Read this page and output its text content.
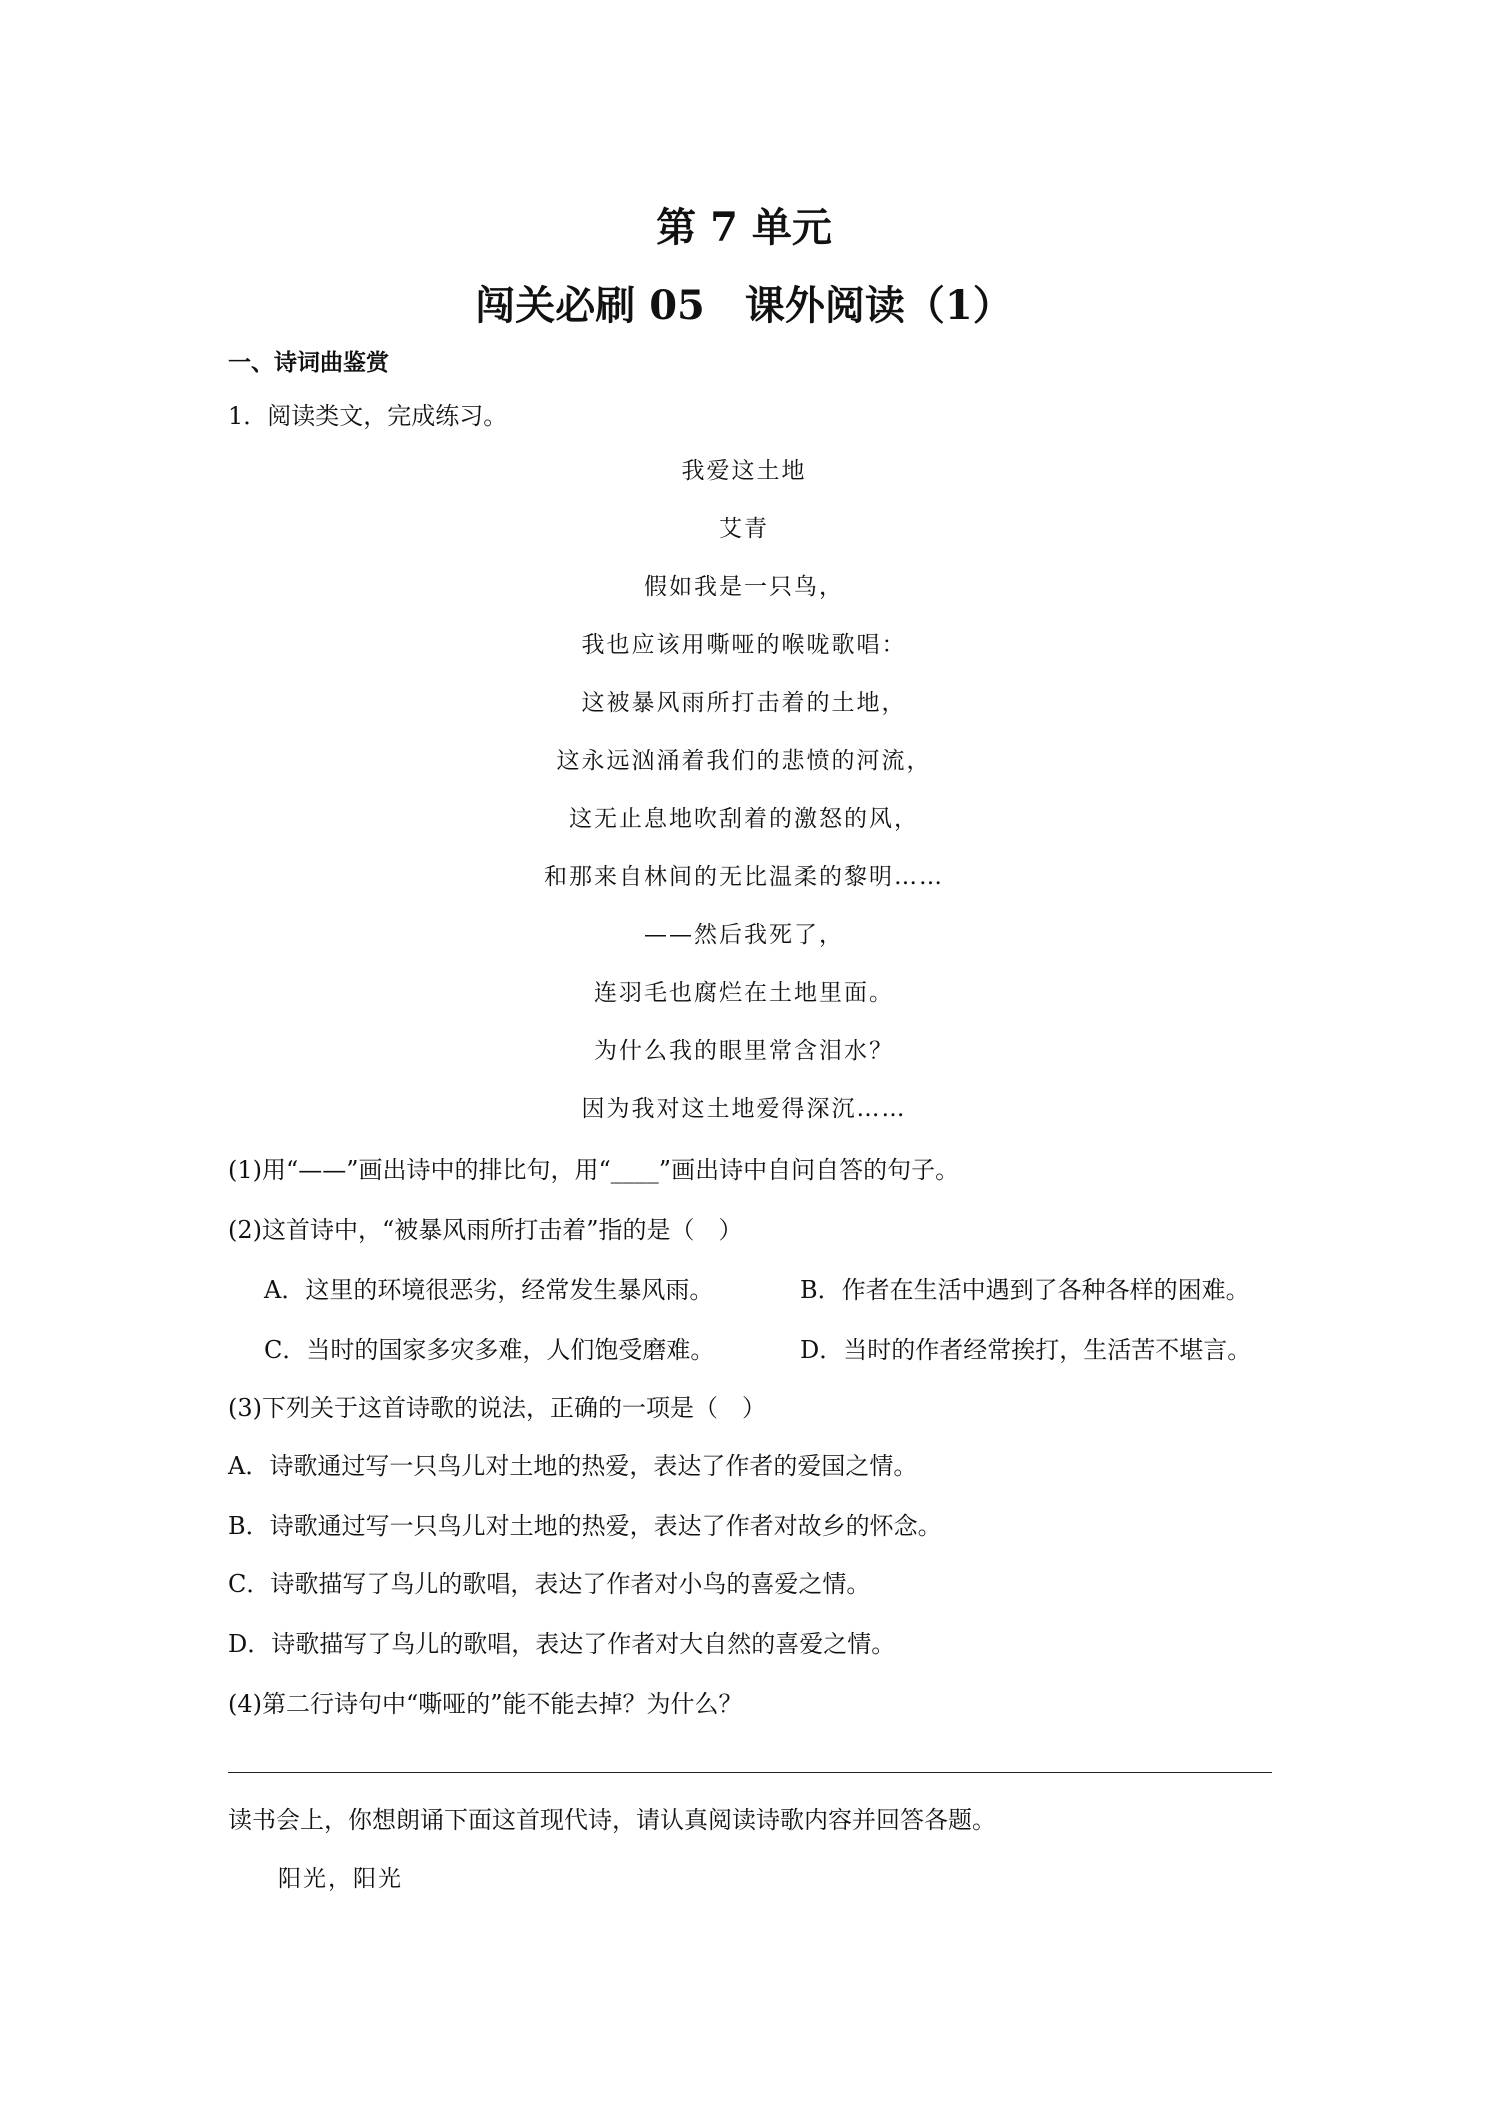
第 7 单元
闯关必刷 05　课外阅读（1）
一、诗词曲鉴赏
1．阅读类文，完成练习。
我爱这土地
艾青
假如我是一只鸟，
我也应该用嘶哑的喉咙歌唱：
这被暴风雨所打击着的土地，
这永远汹涌着我们的悲愤的河流，
这无止息地吹刮着的激怒的风，
和那来自林间的无比温柔的黎明……
——然后我死了，
连羽毛也腐烂在土地里面。
为什么我的眼里常含泪水？
因为我对这土地爱得深沉……
(1)用“——”画出诗中的排比句，用“____”画出诗中自问自答的句子。
(2)这首诗中，“被暴风雨所打击着”指的是（　）
A．这里的环境很恶劣，经常发生暴风雨。	B．作者在生活中遇到了各种各样的困难。
C．当时的国家多灾多难，人们饱受磨难。	D．当时的作者经常挨打，生活苦不堪言。
(3)下列关于这首诗歌的说法，正确的一项是（　）
A．诗歌通过写一只鸟儿对土地的热爱，表达了作者的爱国之情。
B．诗歌通过写一只鸟儿对土地的热爱，表达了作者对故乡的怀念。
C．诗歌描写了鸟儿的歌唱，表达了作者对小鸟的喜爱之情。
D．诗歌描写了鸟儿的歌唱，表达了作者对大自然的喜爱之情。
(4)第二行诗句中“嘶哑的”能不能去掉？为什么？
读书会上，你想朗诵下面这首现代诗，请认真阅读诗歌内容并回答各题。
阳光，阳光
